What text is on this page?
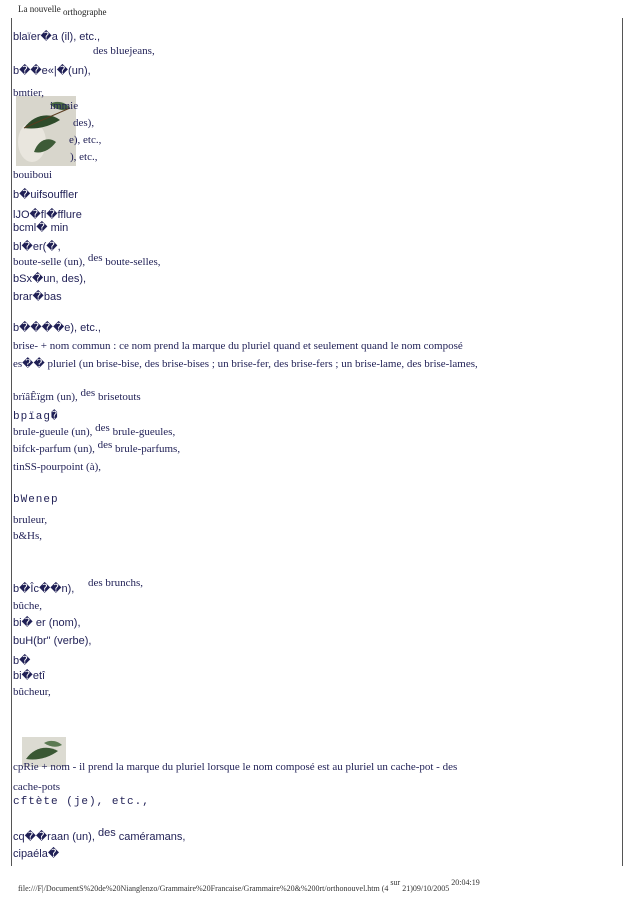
La nouvelle orthographe
blaïer�a (il), etc.,
des bluejeans,
b��e«|�(un),
bmtier,
immie
des),
e), etc.,
), etc.,
bouiboui
b�uifsouffler
lJO�fl�fflure
bcml� min
bl�er(�,
boute-selle (un), des boute-selles,
bSx�un, des),
brar�bas
b����e), etc.,
brise- + nom commun : ce nom prend la marque du pluriel quand et seulement quand le nom composé
es�� pluriel (un brise-bise, des brise-bises ; un brise-fer, des brise-fers ; un brise-lame, des brise-lames,
brïâÊïgm (un), des brisetouts
bpïag�
brule-gueule (un), des brule-gueules,
bifck-parfum (un), des brule-parfums,
tinSS-pourpoint (à),
bWenep
bruleur,
b&Hs,
des brunchs,
b�Îc��n),
bûche,
bi� er (nom),
buH(br" (verbe),
b�
bi�etî
bûcheur,
cpRie + nom - il prend la marque du pluriel lorsque le nom composé est au pluriel un cache-pot - des
cache-pots
cftète (je), etc.,
cq��raan (un), des caméramans,
cipaéla�
file:///F|/DocumentS%20de%20Nianglenzo/Grammaire%20Francaise/Grammaire%20&%200rt/orthonouvel.htm (4 sur 21)09/10/2005 20:04:19
